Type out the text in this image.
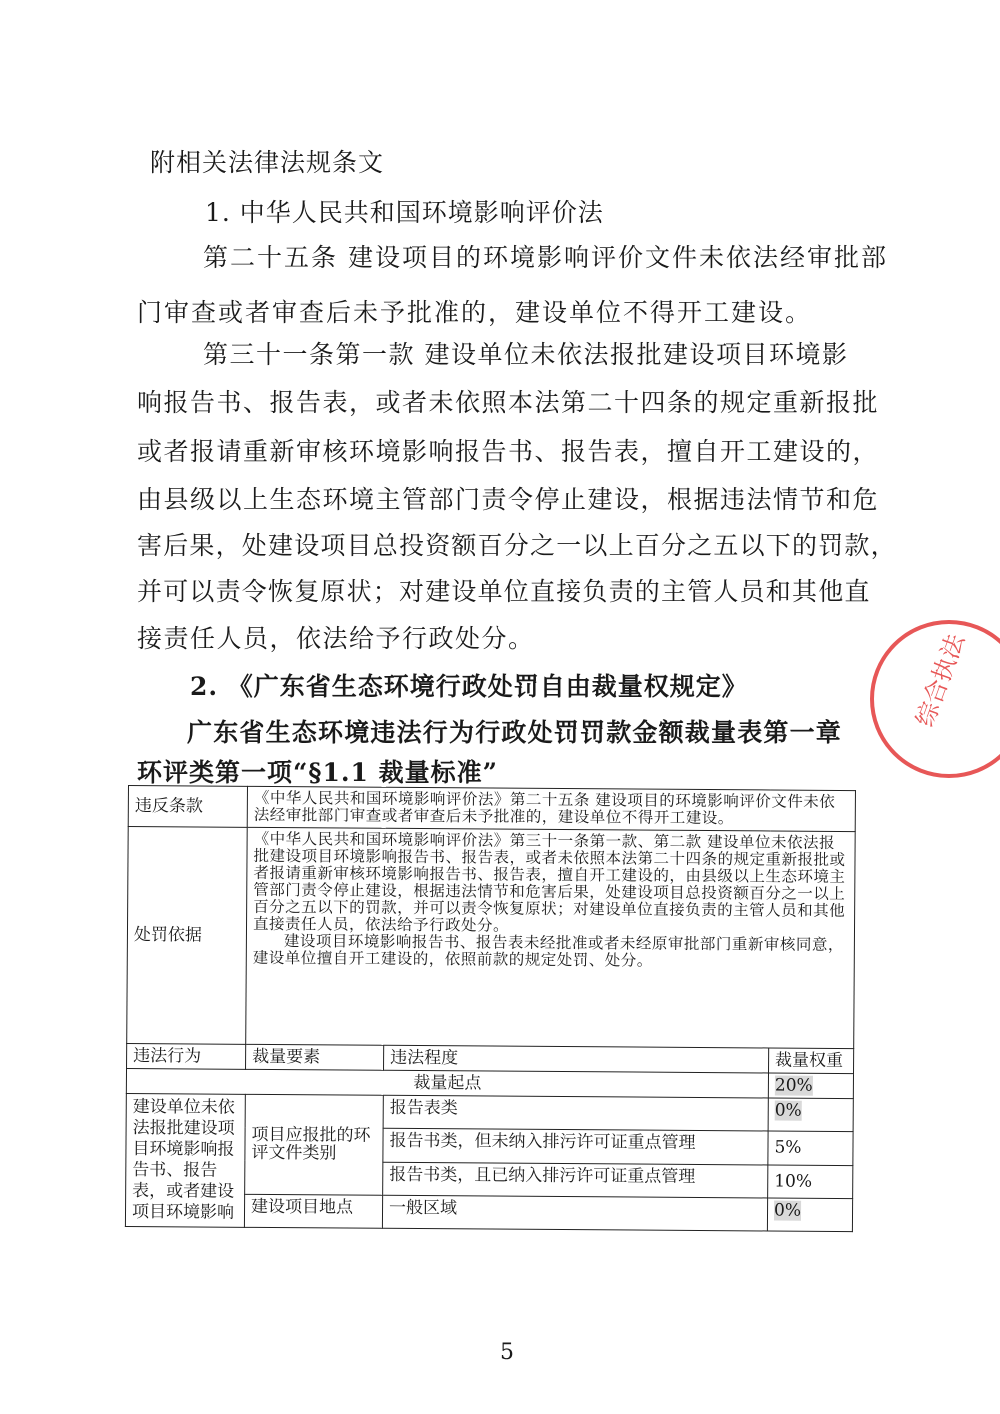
附相关法律法规条文
1. 中华人民共和国环境影响评价法
第二十五条 建设项目的环境影响评价文件未依法经审批部
门审查或者审查后未予批准的，建设单位不得开工建设。
第三十一条第一款 建设单位未依法报批建设项目环境影
响报告书、报告表，或者未依照本法第二十四条的规定重新报批
或者报请重新审核环境影响报告书、报告表，擅自开工建设的，
由县级以上生态环境主管部门责令停止建设，根据违法情节和危
害后果，处建设项目总投资额百分之一以上百分之五以下的罚款，
并可以责令恢复原状；对建设单位直接负责的主管人员和其他直
接责任人员，依法给予行政处分。
2. 《广东省生态环境行政处罚自由裁量权规定》
广东省生态环境违法行为行政处罚罚款金额裁量表第一章
环评类第一项“§1.1 裁量标准”
违反条款	《中华人民共和国环境影响评价法》第二十五条 建设项目的环境影响评价文件未依法经审批部门审查或者审查后未予批准的，建设单位不得开工建设。		
处罚依据	《中华人民共和国环境影响评价法》第三十一条第一款、第二款 建设单位未依法报批建设项目环境影响报告书、报告表，或者未依照本法第二十四条的规定重新报批或者报请重新审核环境影响报告书、报告表，擅自开工建设的，由县级以上生态环境主管部门责令停止建设，根据违法情节和危害后果，处建设项目总投资额百分之一以上百分之五以下的罚款，并可以责令恢复原状；对建设单位直接负责的主管人员和其他直接责任人员，依法给予行政处分。
建设项目环境影响报告书、报告表未经批准或者未经原审批部门重新审核同意，建设单位擅自开工建设的，依照前款的规定处罚、处分。		

违法行为	裁量要素	违法程度	裁量权重
裁量起点			20%
建设单位未依法报批建设项目环境影响报告书、报告表，或者建设项目环境影响	项目应报批的环评文件类别	报告表类	0%
		报告书类，但未纳入排污许可证重点管理	5%
		报告书类，且已纳入排污许可证重点管理	10%
	建设项目地点	一般区域	0%
综合执法
5
